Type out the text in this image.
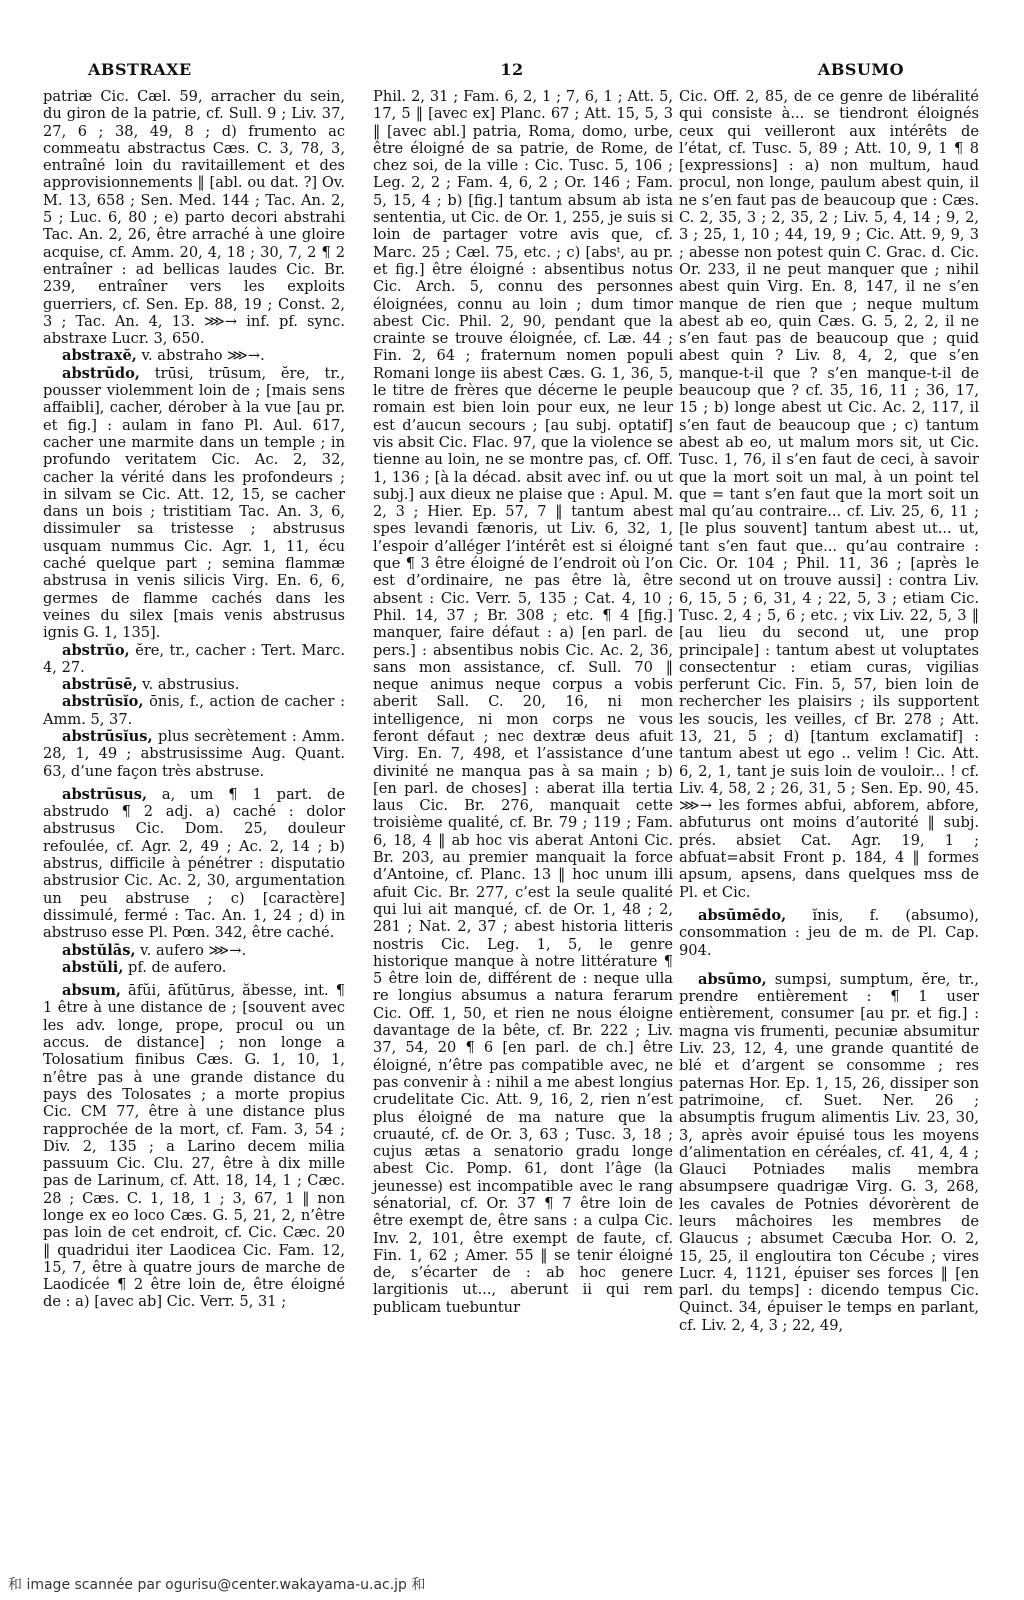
ABSTRAXE	12	ABSUMO

patriæ Cic. Cæl. 59, arracher du sein, du giron de la patrie, cf. Sull. 9 ; Liv. 37, 27, 6 ; 38, 49, 8 ; d) frumento ac commeatu abstractus Cæs. C. 3, 78, 3, entraîné loin du ravitaillement et des approvisionnements ‖ [abl. ou dat. ?] Ov. M. 13, 658 ; Sen. Med. 144 ; Tac. An. 2, 5 ; Luc. 6, 80 ; e) parto decori abstrahi Tac. An. 2, 26, être arraché à une gloire acquise, cf. Amm. 20, 4, 18 ; 30, 7, 2 ¶ 2 entraîner : ad bellicas laudes Cic. Br. 239, entraîner vers les exploits guerriers, cf. Sen. Ep. 88, 19 ; Const. 2, 3 ; Tac. An. 4, 13. ⋙→ inf. pf. sync. abstraxe Lucr. 3, 650.

abstraxĕ, v. abstraho ⋙→.

abstrūdo, trūsi, trūsum, ĕre, tr., pousser violemment loin de ; [mais sens affaibli], cacher, dérober à la vue [au pr. et fig.] : aulam in fano Pl. Aul. 617, cacher une marmite dans un temple ; in profundo veritatem Cic. Ac. 2, 32, cacher la vérité dans les profondeurs ; in silvam se Cic. Att. 12, 15, se cacher dans un bois ; tristitiam Tac. An. 3, 6, dissimuler sa tristesse ; abstrusus usquam nummus Cic. Agr. 1, 11, écu caché quelque part ; semina flammæ abstrusa in venis silicis Virg. En. 6, 6, germes de flamme cachés dans les veines du silex [mais venis abstrusus ignis G. 1, 135].

abstrŭo, ĕre, tr., cacher : Tert. Marc. 4, 27.

abstrūsē, v. abstrusius.

abstrūsĭo, ōnis, f., action de cacher : Amm. 5, 37.

abstrūsĭus, plus secrètement : Amm. 28, 1, 49 ; abstrusissime Aug. Quant. 63, d’une façon très abstruse.

abstrūsus, a, um ¶ 1 part. de abstrudo ¶ 2 adj. a) caché : dolor abstrusus Cic. Dom. 25, douleur refoulée, cf. Agr. 2, 49 ; Ac. 2, 14 ; b) abstrus, difficile à pénétrer : disputatio abstrusior Cic. Ac. 2, 30, argumentation un peu abstruse ; c) [caractère] dissimulé, fermé : Tac. An. 1, 24 ; d) in abstruso esse Pl. Pœn. 342, être caché.

abstŭlās, v. aufero ⋙→.

abstŭli, pf. de aufero.

absum, āfŭi, āfŭtūrus, ăbesse, int. ¶ 1 être à une distance de ; [souvent avec les adv. longe, prope, procul ou un accus. de distance] ; non longe a Tolosatium finibus Cæs. G. 1, 10, 1, n’être pas à une grande distance du pays des Tolosates ; a morte propius Cic. CM 77, être à une distance plus rapprochée de la mort, cf. Fam. 3, 54 ; Div. 2, 135 ; a Larino decem milia passuum Cic. Clu. 27, être à dix mille pas de Larinum, cf. Att. 18, 14, 1 ; Cæc. 28 ; Cæs. C. 1, 18, 1 ; 3, 67, 1 ‖ non longe ex eo loco Cæs. G. 5, 21, 2, n’être pas loin de cet endroit, cf. Cic. Cæc. 20 ‖ quadridui iter Laodicea Cic. Fam. 12, 15, 7, être à quatre jours de marche de Laodicée ¶ 2 être loin de, être éloigné de : a) [avec ab] Cic. Verr. 5, 31 ;

Phil. 2, 31 ; Fam. 6, 2, 1 ; 7, 6, 1 ; Att. 5, 17, 5 ‖ [avec ex] Planc. 67 ; Att. 15, 5, 3 ‖ [avec abl.] patria, Roma, domo, urbe, être éloigné de sa patrie, de Rome, de chez soi, de la ville : Cic. Tusc. 5, 106 ; Leg. 2, 2 ; Fam. 4, 6, 2 ; Or. 146 ; Fam. 5, 15, 4 ; b) [fig.] tantum absum ab ista sententia, ut Cic. de Or. 1, 255, je suis si loin de partager votre avis que, cf. Marc. 25 ; Cæl. 75, etc. ; c) [absᵗ, au pr. et fig.] être éloigné : absentibus notus Cic. Arch. 5, connu des personnes éloignées, connu au loin ; dum timor abest Cic. Phil. 2, 90, pendant que la crainte se trouve éloignée, cf. Læ. 44 ; Fin. 2, 64 ; fraternum nomen populi Romani longe iis abest Cæs. G. 1, 36, 5, le titre de frères que décerne le peuple romain est bien loin pour eux, ne leur est d’aucun secours ; [au subj. optatif] vis absit Cic. Flac. 97, que la violence se tienne au loin, ne se montre pas, cf. Off. 1, 136 ; [à la décad. absit avec inf. ou ut subj.] aux dieux ne plaise que : Apul. M. 2, 3 ; Hier. Ep. 57, 7 ‖ tantum abest spes levandi fænoris, ut Liv. 6, 32, 1, l’espoir d’alléger l’intérêt est si éloigné que ¶ 3 être éloigné de l’endroit où l’on est d’ordinaire, ne pas être là, être absent : Cic. Verr. 5, 135 ; Cat. 4, 10 ; Phil. 14, 37 ; Br. 308 ; etc. ¶ 4 [fig.] manquer, faire défaut : a) [en parl. de pers.] : absentibus nobis Cic. Ac. 2, 36, sans mon assistance, cf. Sull. 70 ‖ neque animus neque corpus a vobis aberit Sall. C. 20, 16, ni mon intelligence, ni mon corps ne vous feront défaut ; nec dextræ deus afuit Virg. En. 7, 498, et l’assistance d’une divinité ne manqua pas à sa main ; b) [en parl. de choses] : aberat illa tertia laus Cic. Br. 276, manquait cette troisième qualité, cf. Br. 79 ; 119 ; Fam. 6, 18, 4 ‖ ab hoc vis aberat Antoni Cic. Br. 203, au premier manquait la force d’Antoine, cf. Planc. 13 ‖ hoc unum illi afuit Cic. Br. 277, c’est la seule qualité qui lui ait manqué, cf. de Or. 1, 48 ; 2, 281 ; Nat. 2, 37 ; abest historia litteris nostris Cic. Leg. 1, 5, le genre historique manque à notre littérature ¶ 5 être loin de, différent de : neque ulla re longius absumus a natura ferarum Cic. Off. 1, 50, et rien ne nous éloigne davantage de la bête, cf. Br. 222 ; Liv. 37, 54, 20 ¶ 6 [en parl. de ch.] être éloigné, n’être pas compatible avec, ne pas convenir à : nihil a me abest longius crudelitate Cic. Att. 9, 16, 2, rien n’est plus éloigné de ma nature que la cruauté, cf. de Or. 3, 63 ; Tusc. 3, 18 ; cujus ætas a senatorio gradu longe abest Cic. Pomp. 61, dont l’âge (la jeunesse) est incompatible avec le rang sénatorial, cf. Or. 37 ¶ 7 être loin de être exempt de, être sans : a culpa Cic. Inv. 2, 101, être exempt de faute, cf. Fin. 1, 62 ; Amer. 55 ‖ se tenir éloigné de, s’écarter de : ab hoc genere largitionis ut..., aberunt ii qui rem publicam tuebuntur

Cic. Off. 2, 85, de ce genre de libéralité qui consiste à... se tiendront éloignés ceux qui veilleront aux intérêts de l’état, cf. Tusc. 5, 89 ; Att. 10, 9, 1 ¶ 8 [expressions] : a) non multum, haud procul, non longe, paulum abest quin, il ne s’en faut pas de beaucoup que : Cæs. C. 2, 35, 3 ; 2, 35, 2 ; Liv. 5, 4, 14 ; 9, 2, 3 ; 25, 1, 10 ; 44, 19, 9 ; Cic. Att. 9, 9, 3 ; abesse non potest quin C. Grac. d. Cic. Or. 233, il ne peut manquer que ; nihil abest quin Virg. En. 8, 147, il ne s’en manque de rien que ; neque multum abest ab eo, quin Cæs. G. 5, 2, 2, il ne s’en faut pas de beaucoup que ; quid abest quin ? Liv. 8, 4, 2, que s’en manque-t-il que ? s’en manque-t-il de beaucoup que ? cf. 35, 16, 11 ; 36, 17, 15 ; b) longe abest ut Cic. Ac. 2, 117, il s’en faut de beaucoup que ; c) tantum abest ab eo, ut malum mors sit, ut Cic. Tusc. 1, 76, il s’en faut de ceci, à savoir que la mort soit un mal, à un point tel que = tant s’en faut que la mort soit un mal qu’au contraire... cf. Liv. 25, 6, 11 ; [le plus souvent] tantum abest ut... ut, tant s’en faut que... qu’au contraire : Cic. Or. 104 ; Phil. 11, 36 ; [après le second ut on trouve aussi] : contra Liv. 6, 15, 5 ; 6, 31, 4 ; 22, 5, 3 ; etiam Cic. Tusc. 2, 4 ; 5, 6 ; etc. ; vix Liv. 22, 5, 3 ‖ [au lieu du second ut, une prop principale] : tantum abest ut voluptates consectentur : etiam curas, vigilias perferunt Cic. Fin. 5, 57, bien loin de rechercher les plaisirs ; ils supportent les soucis, les veilles, cf Br. 278 ; Att. 13, 21, 5 ; d) [tantum exclamatif] : tantum abest ut ego .. velim ! Cic. Att. 6, 2, 1, tant je suis loin de vouloir... ! cf. Liv. 4, 58, 2 ; 26, 31, 5 ; Sen. Ep. 90, 45. ⋙→ les formes abfui, abforem, abfore, abfuturus ont moins d’autorité ‖ subj. prés. absiet Cat. Agr. 19, 1 ; abfuat=absit Front p. 184, 4 ‖ formes apsum, apsens, dans quelques mss de Pl. et Cic.

absūmēdo, ĭnis, f. (absumo), consommation : jeu de m. de Pl. Cap. 904.

absūmo, sumpsi, sumptum, ĕre, tr., prendre entièrement : ¶ 1 user entièrement, consumer [au pr. et fig.] : magna vis frumenti, pecuniæ absumitur Liv. 23, 12, 4, une grande quantité de blé et d’argent se consomme ; res paternas Hor. Ep. 1, 15, 26, dissiper son patrimoine, cf. Suet. Ner. 26 ; absumptis frugum alimentis Liv. 23, 30, 3, après avoir épuisé tous les moyens d’alimentation en céréales, cf. 41, 4, 4 ; Glauci Potniades malis membra absumpsere quadrigæ Virg. G. 3, 268, les cavales de Potnies dévorèrent de leurs mâchoires les membres de Glaucus ; absumet Cæcuba Hor. O. 2, 15, 25, il engloutira ton Cécube ; vires Lucr. 4, 1121, épuiser ses forces ‖ [en parl. du temps] : dicendo tempus Cic. Quinct. 34, épuiser le temps en parlant, cf. Liv. 2, 4, 3 ; 22, 49,

和 image scannée par ogurisu@center.wakayama-u.ac.jp 和
